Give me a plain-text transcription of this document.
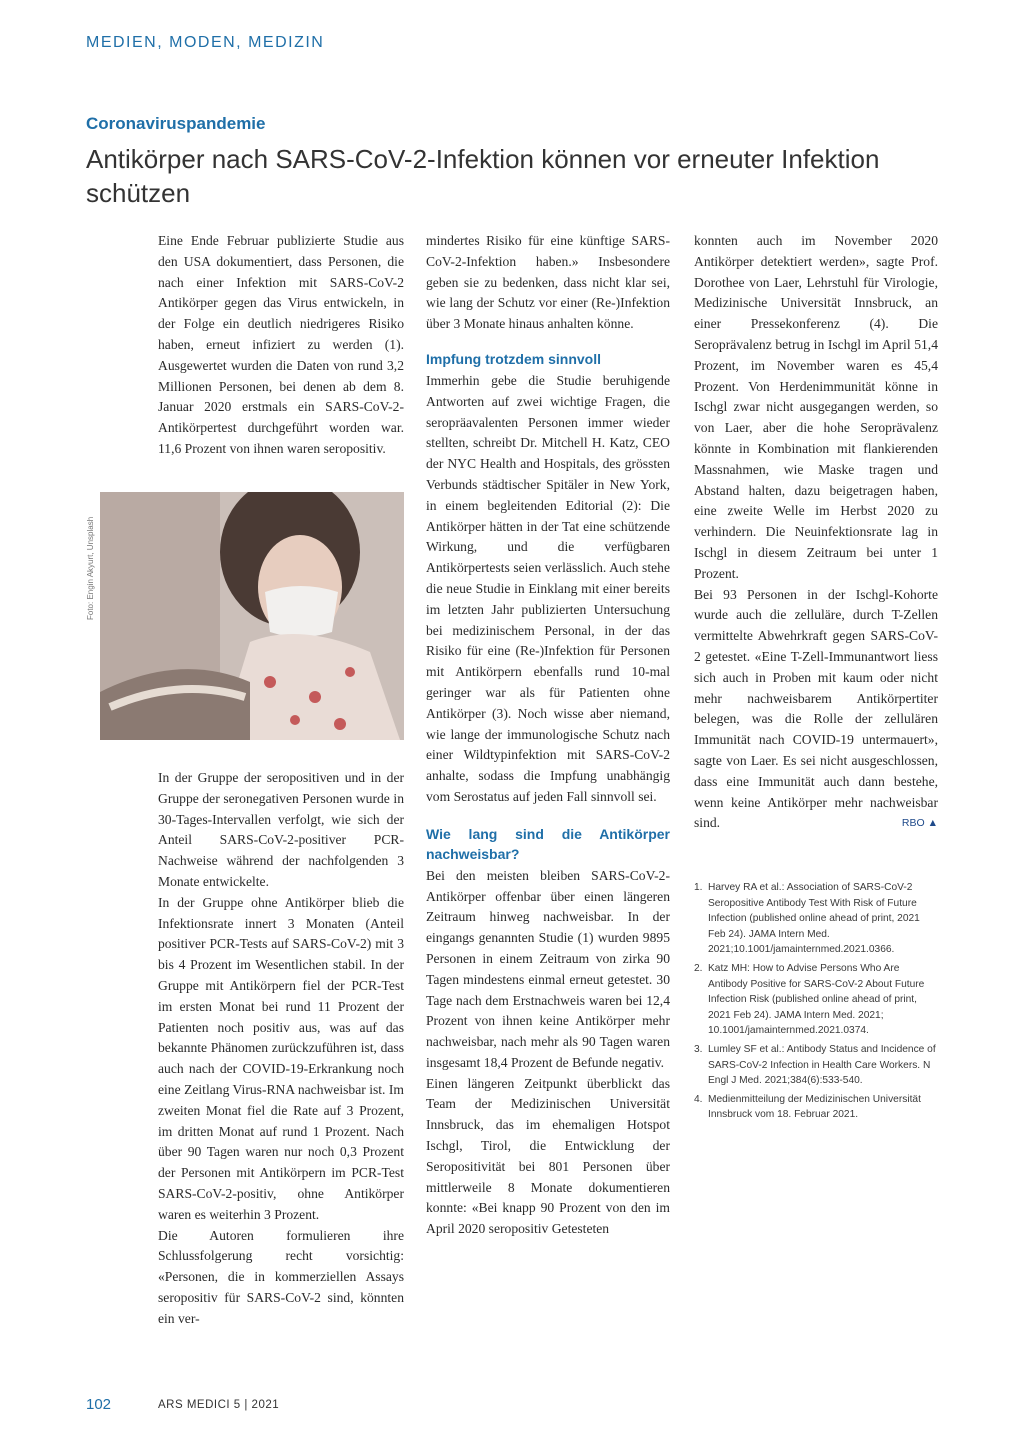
MEDIEN, MODEN, MEDIZIN
Coronaviruspandemie
Antikörper nach SARS-CoV-2-Infektion können vor erneuter Infektion schützen

Eine Ende Februar publizierte Studie aus den USA dokumentiert, dass Personen, die nach einer Infektion mit SARS-CoV-2 Antikörper gegen das Virus entwickeln, in der Folge ein deutlich niedrigeres Risiko haben, erneut infiziert zu werden (1). Ausgewertet wurden die Daten von rund 3,2 Millionen Personen, bei denen ab dem 8. Januar 2020 erstmals ein SARS-CoV-2-Antikörpertest durchgeführt worden war. 11,6 Prozent von ihnen waren seropositiv.

Foto: Engin Akyurt, Unsplash

In der Gruppe der seropositiven und in der Gruppe der seronegativen Personen wurde in 30-Tages-Intervallen verfolgt, wie sich der Anteil SARS-CoV-2-positiver PCR-Nachweise während der nachfolgenden 3 Monate entwickelte.

In der Gruppe ohne Antikörper blieb die Infektionsrate innert 3 Monaten (Anteil positiver PCR-Tests auf SARS-CoV-2) mit 3 bis 4 Prozent im Wesentlichen stabil. In der Gruppe mit Antikörpern fiel der PCR-Test im ersten Monat bei rund 11 Prozent der Patienten noch positiv aus, was auf das bekannte Phänomen zurückzuführen ist, dass auch nach der COVID-19-Erkrankung noch eine Zeitlang Virus-RNA nachweisbar ist. Im zweiten Monat fiel die Rate auf 3 Prozent, im dritten Monat auf rund 1 Prozent. Nach über 90 Tagen waren nur noch 0,3 Prozent der Personen mit Antikörpern im PCR-Test SARS-CoV-2-positiv, ohne Antikörper waren es weiterhin 3 Prozent.

Die Autoren formulieren ihre Schlussfolgerung recht vorsichtig: «Personen, die in kommerziellen Assays seropositiv für SARS-CoV-2 sind, könnten ein ver-

mindertes Risiko für eine künftige SARS-CoV-2-Infektion haben.» Insbesondere geben sie zu bedenken, dass nicht klar sei, wie lang der Schutz vor einer (Re-)Infektion über 3 Monate hinaus anhalten könne.

Impfung trotzdem sinnvoll

Immerhin gebe die Studie beruhigende Antworten auf zwei wichtige Fragen, die seropräavalenten Personen immer wieder stellten, schreibt Dr. Mitchell H. Katz, CEO der NYC Health and Hospitals, des grössten Verbunds städtischer Spitäler in New York, in einem begleitenden Editorial (2): Die Antikörper hätten in der Tat eine schützende Wirkung, und die verfügbaren Antikörpertests seien verlässlich. Auch stehe die neue Studie in Einklang mit einer bereits im letzten Jahr publizierten Untersuchung bei medizinischem Personal, in der das Risiko für eine (Re-)Infektion für Personen mit Antikörpern ebenfalls rund 10-mal geringer war als für Patienten ohne Antikörper (3). Noch wisse aber niemand, wie lange der immunologische Schutz nach einer Wildtypinfektion mit SARS-CoV-2 anhalte, sodass die Impfung unabhängig vom Serostatus auf jeden Fall sinnvoll sei.

Wie lang sind die Antikörper nachweisbar?

Bei den meisten bleiben SARS-CoV-2-Antikörper offenbar über einen längeren Zeitraum hinweg nachweisbar. In der eingangs genannten Studie (1) wurden 9895 Personen in einem Zeitraum von zirka 90 Tagen mindestens einmal erneut getestet. 30 Tage nach dem Erstnachweis waren bei 12,4 Prozent von ihnen keine Antikörper mehr nachweisbar, nach mehr als 90 Tagen waren insgesamt 18,4 Prozent de Befunde negativ.

Einen längeren Zeitpunkt überblickt das Team der Medizinischen Universität Innsbruck, das im ehemaligen Hotspot Ischgl, Tirol, die Entwicklung der Seropositivität bei 801 Personen über mittlerweile 8 Monate dokumentieren konnte: «Bei knapp 90 Prozent von den im April 2020 seropositiv Getesteten

konnten auch im November 2020 Antikörper detektiert werden», sagte Prof. Dorothee von Laer, Lehrstuhl für Virologie, Medizinische Universität Innsbruck, an einer Pressekonferenz (4). Die Seroprävalenz betrug in Ischgl im April 51,4 Prozent, im November waren es 45,4 Prozent. Von Herdenimmunität könne in Ischgl zwar nicht ausgegangen werden, so von Laer, aber die hohe Seroprävalenz könnte in Kombination mit flankierenden Massnahmen, wie Maske tragen und Abstand halten, dazu beigetragen haben, eine zweite Welle im Herbst 2020 zu verhindern. Die Neuinfektionsrate lag in Ischgl in diesem Zeitraum bei unter 1 Prozent.

Bei 93 Personen in der Ischgl-Kohorte wurde auch die zelluläre, durch T-Zellen vermittelte Abwehrkraft gegen SARS-CoV-2 getestet. «Eine T-Zell-Immunantwort liess sich auch in Proben mit kaum oder nicht mehr nachweisbarem Antikörpertiter belegen, was die Rolle der zellulären Immunität nach COVID-19 untermauert», sagte von Laer. Es sei nicht ausgeschlossen, dass eine Immunität auch dann bestehe, wenn keine Antikörper mehr nachweisbar sind.	RBO ▲

1. Harvey RA et al.: Association of SARS-CoV-2 Seropositive Antibody Test With Risk of Future Infection (published online ahead of print, 2021 Feb 24). JAMA Intern Med. 2021;10.1001/jamainternmed.2021.0366.
2. Katz MH: How to Advise Persons Who Are Antibody Positive for SARS-CoV-2 About Future Infection Risk (published online ahead of print, 2021 Feb 24). JAMA Intern Med. 2021; 10.1001/jamainternmed.2021.0374.
3. Lumley SF et al.: Antibody Status and Incidence of SARS-CoV-2 Infection in Health Care Workers. N Engl J Med. 2021;384(6):533-540.
4. Medienmitteilung der Medizinischen Universität Innsbruck vom 18. Februar 2021.
102	ARS MEDICI 5 | 2021
